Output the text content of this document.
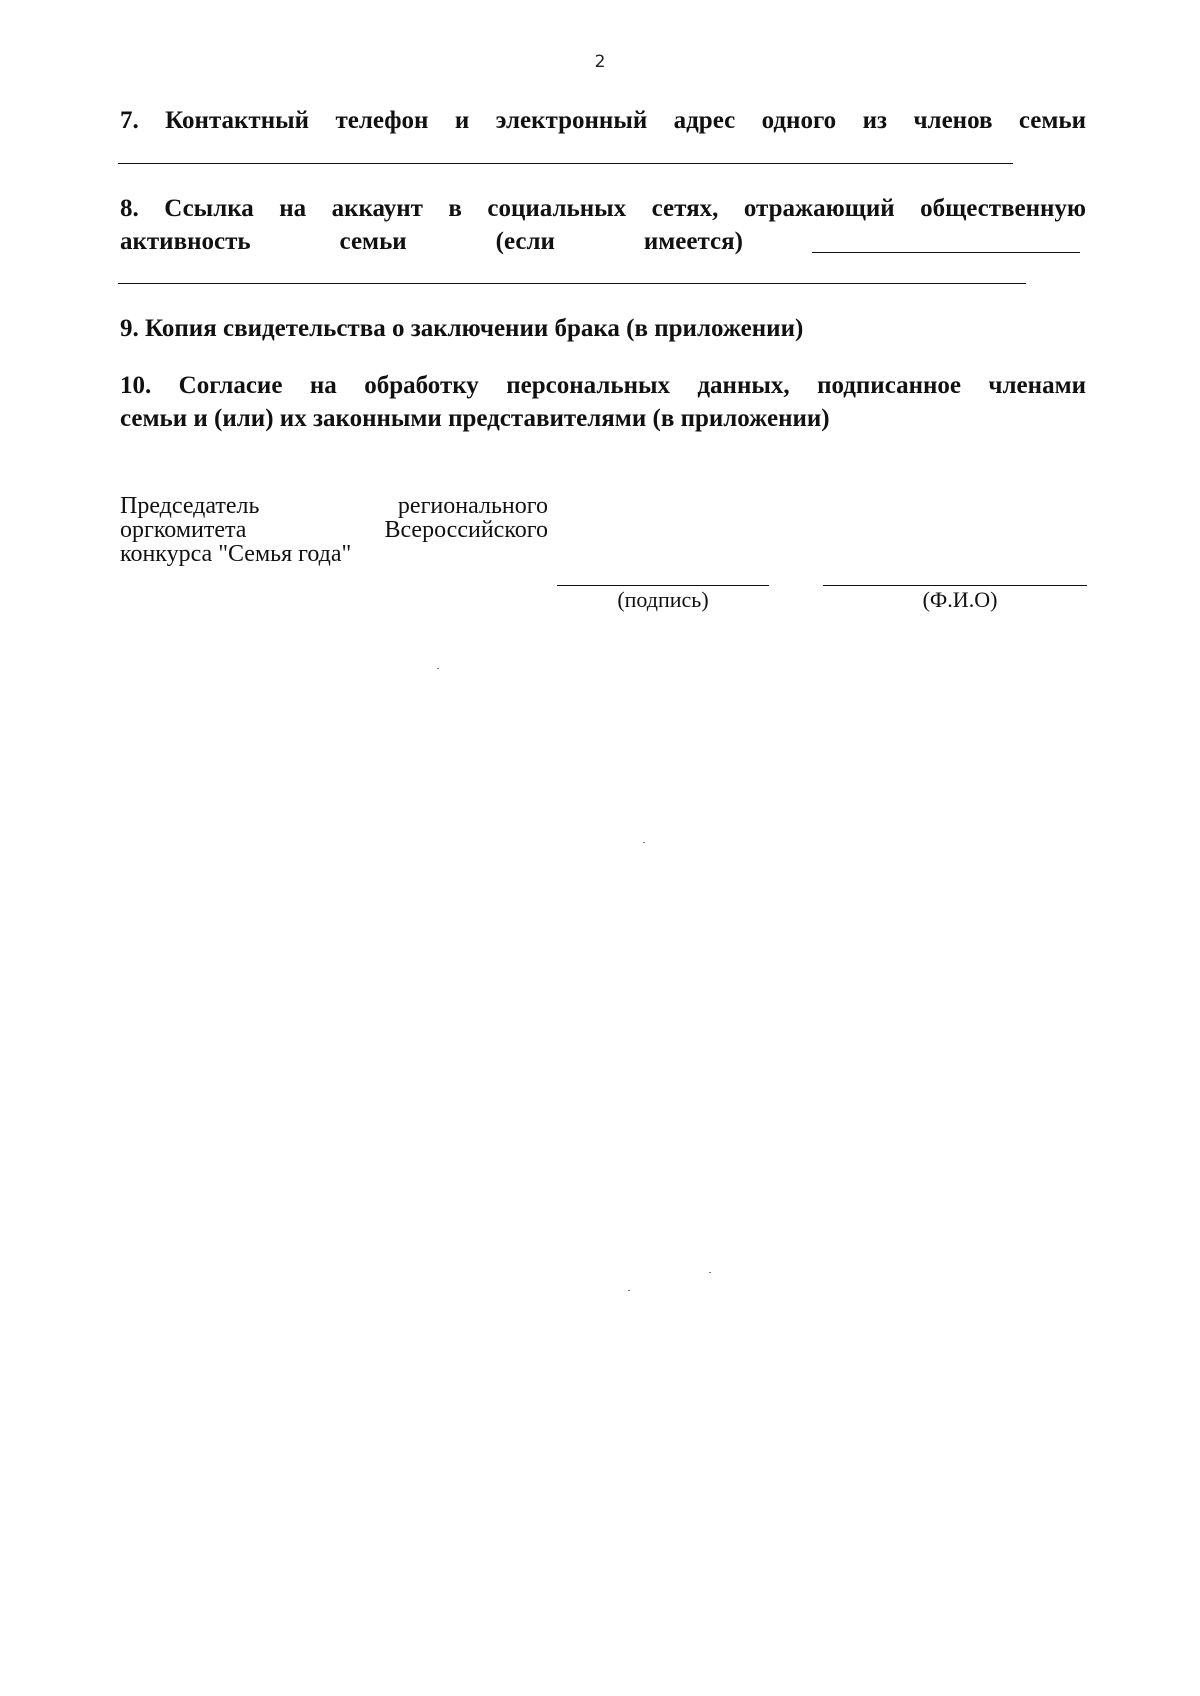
2
7. Контактный телефон и электронный адрес одного из членов семьи
8. Ссылка на аккаунт в социальных сетях, отражающий общественную
активность семьи (если имеется)
9. Копия свидетельства о заключении брака (в приложении)
10. Согласие на обработку персональных данных, подписанное членами
семьи и (или) их законными представителями (в приложении)
Председатель регионального
оргкомитета Всероссийского
конкурса "Семья года"
(подпись)	(Ф.И.О)
